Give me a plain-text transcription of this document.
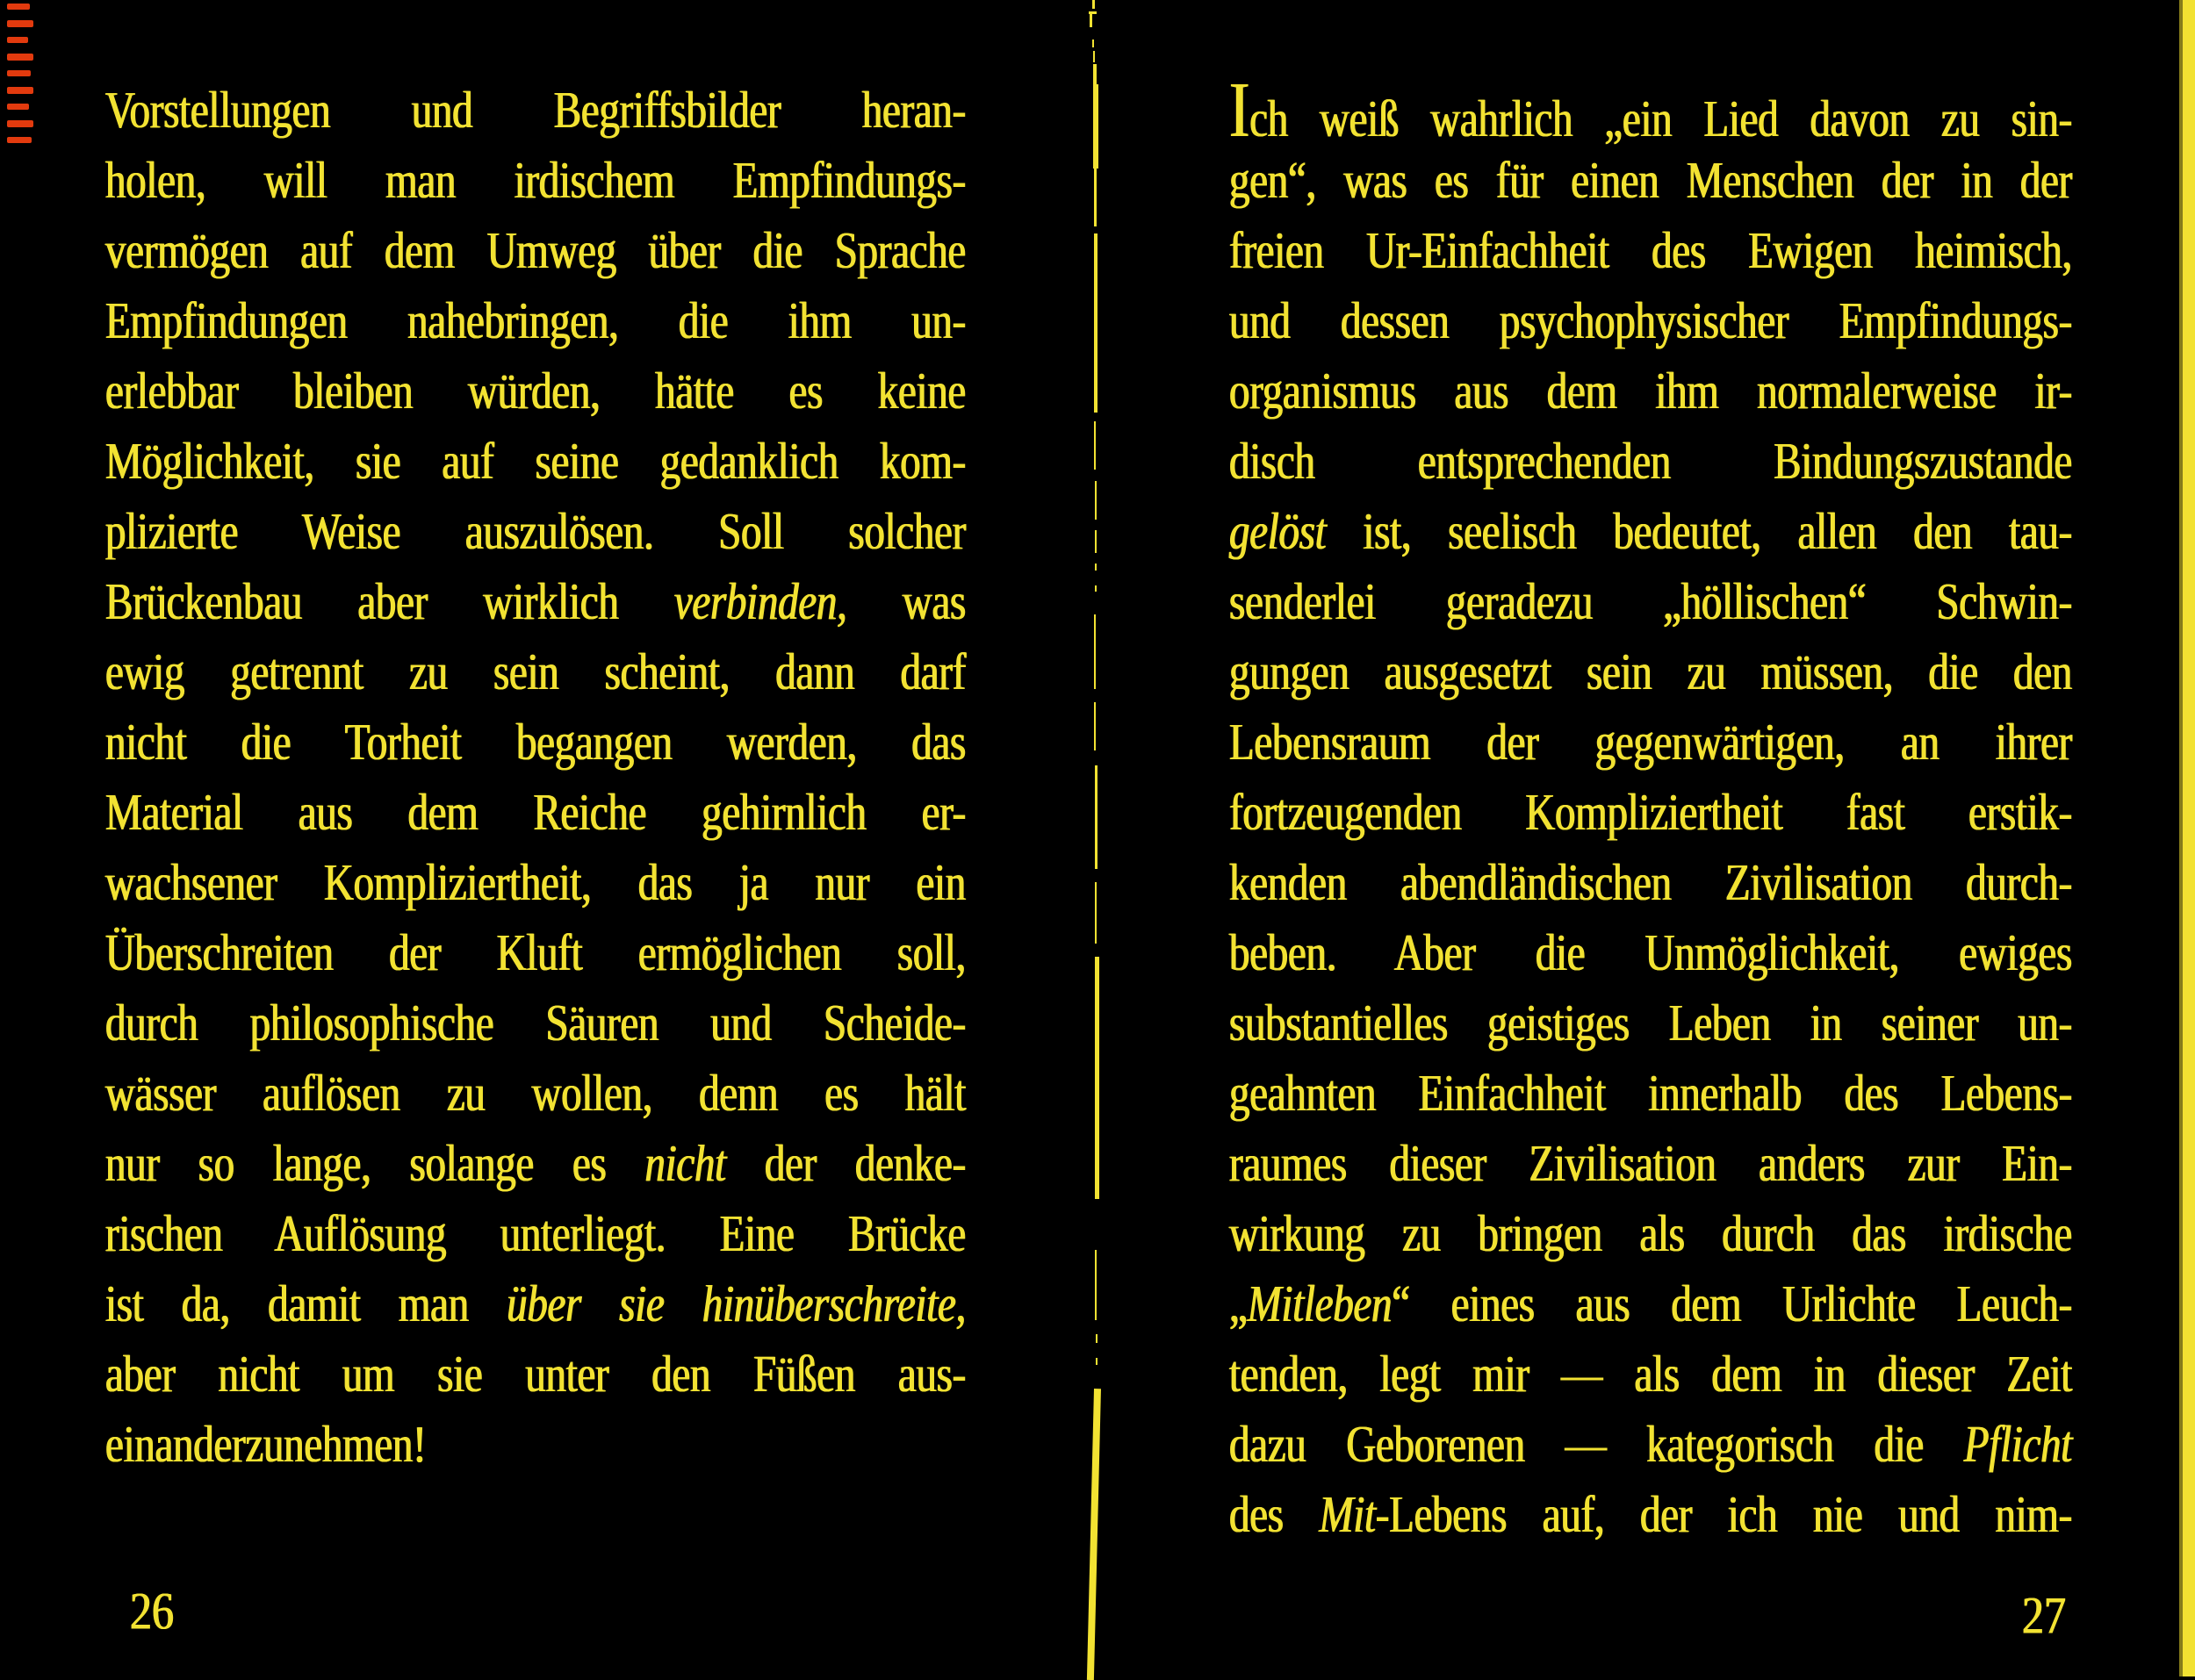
Vorstellungen und Begriffsbilder heran-
holen, will man irdischem Empfindungs-
vermögen auf dem Umweg über die Sprache
Empfindungen nahebringen, die ihm un-
erlebbar bleiben würden, hätte es keine
Möglichkeit, sie auf seine gedanklich kom-
plizierte Weise auszulösen. Soll solcher
Brückenbau aber wirklich verbinden, was
ewig getrennt zu sein scheint, dann darf
nicht die Torheit begangen werden, das
Material aus dem Reiche gehirnlich er-
wachsener Kompliziertheit, das ja nur ein
Überschreiten der Kluft ermöglichen soll,
durch philosophische Säuren und Scheide-
wässer auflösen zu wollen, denn es hält
nur so lange, solange es nicht der denke-
rischen Auflösung unterliegt. Eine Brücke
ist da, damit man über sie hinüberschreite,
aber nicht um sie unter den Füßen aus-
einanderzunehmen!
26
Ich weiß wahrlich „ein Lied davon zu sin-
gen“, was es für einen Menschen der in der
freien Ur-Einfachheit des Ewigen heimisch,
und dessen psychophysischer Empfindungs-
organismus aus dem ihm normalerweise ir-
disch entsprechenden Bindungszustande
gelöst ist, seelisch bedeutet, allen den tau-
senderlei geradezu „höllischen“ Schwin-
gungen ausgesetzt sein zu müssen, die den
Lebensraum der gegenwärtigen, an ihrer
fortzeugenden Kompliziertheit fast erstik-
kenden abendländischen Zivilisation durch-
beben. Aber die Unmöglichkeit, ewiges
substantielles geistiges Leben in seiner un-
geahnten Einfachheit innerhalb des Lebens-
raumes dieser Zivilisation anders zur Ein-
wirkung zu bringen als durch das irdische
„Mitleben“ eines aus dem Urlichte Leuch-
tenden, legt mir — als dem in dieser Zeit
dazu Geborenen — kategorisch die Pflicht
des Mit-Lebens auf, der ich nie und nim-
27
